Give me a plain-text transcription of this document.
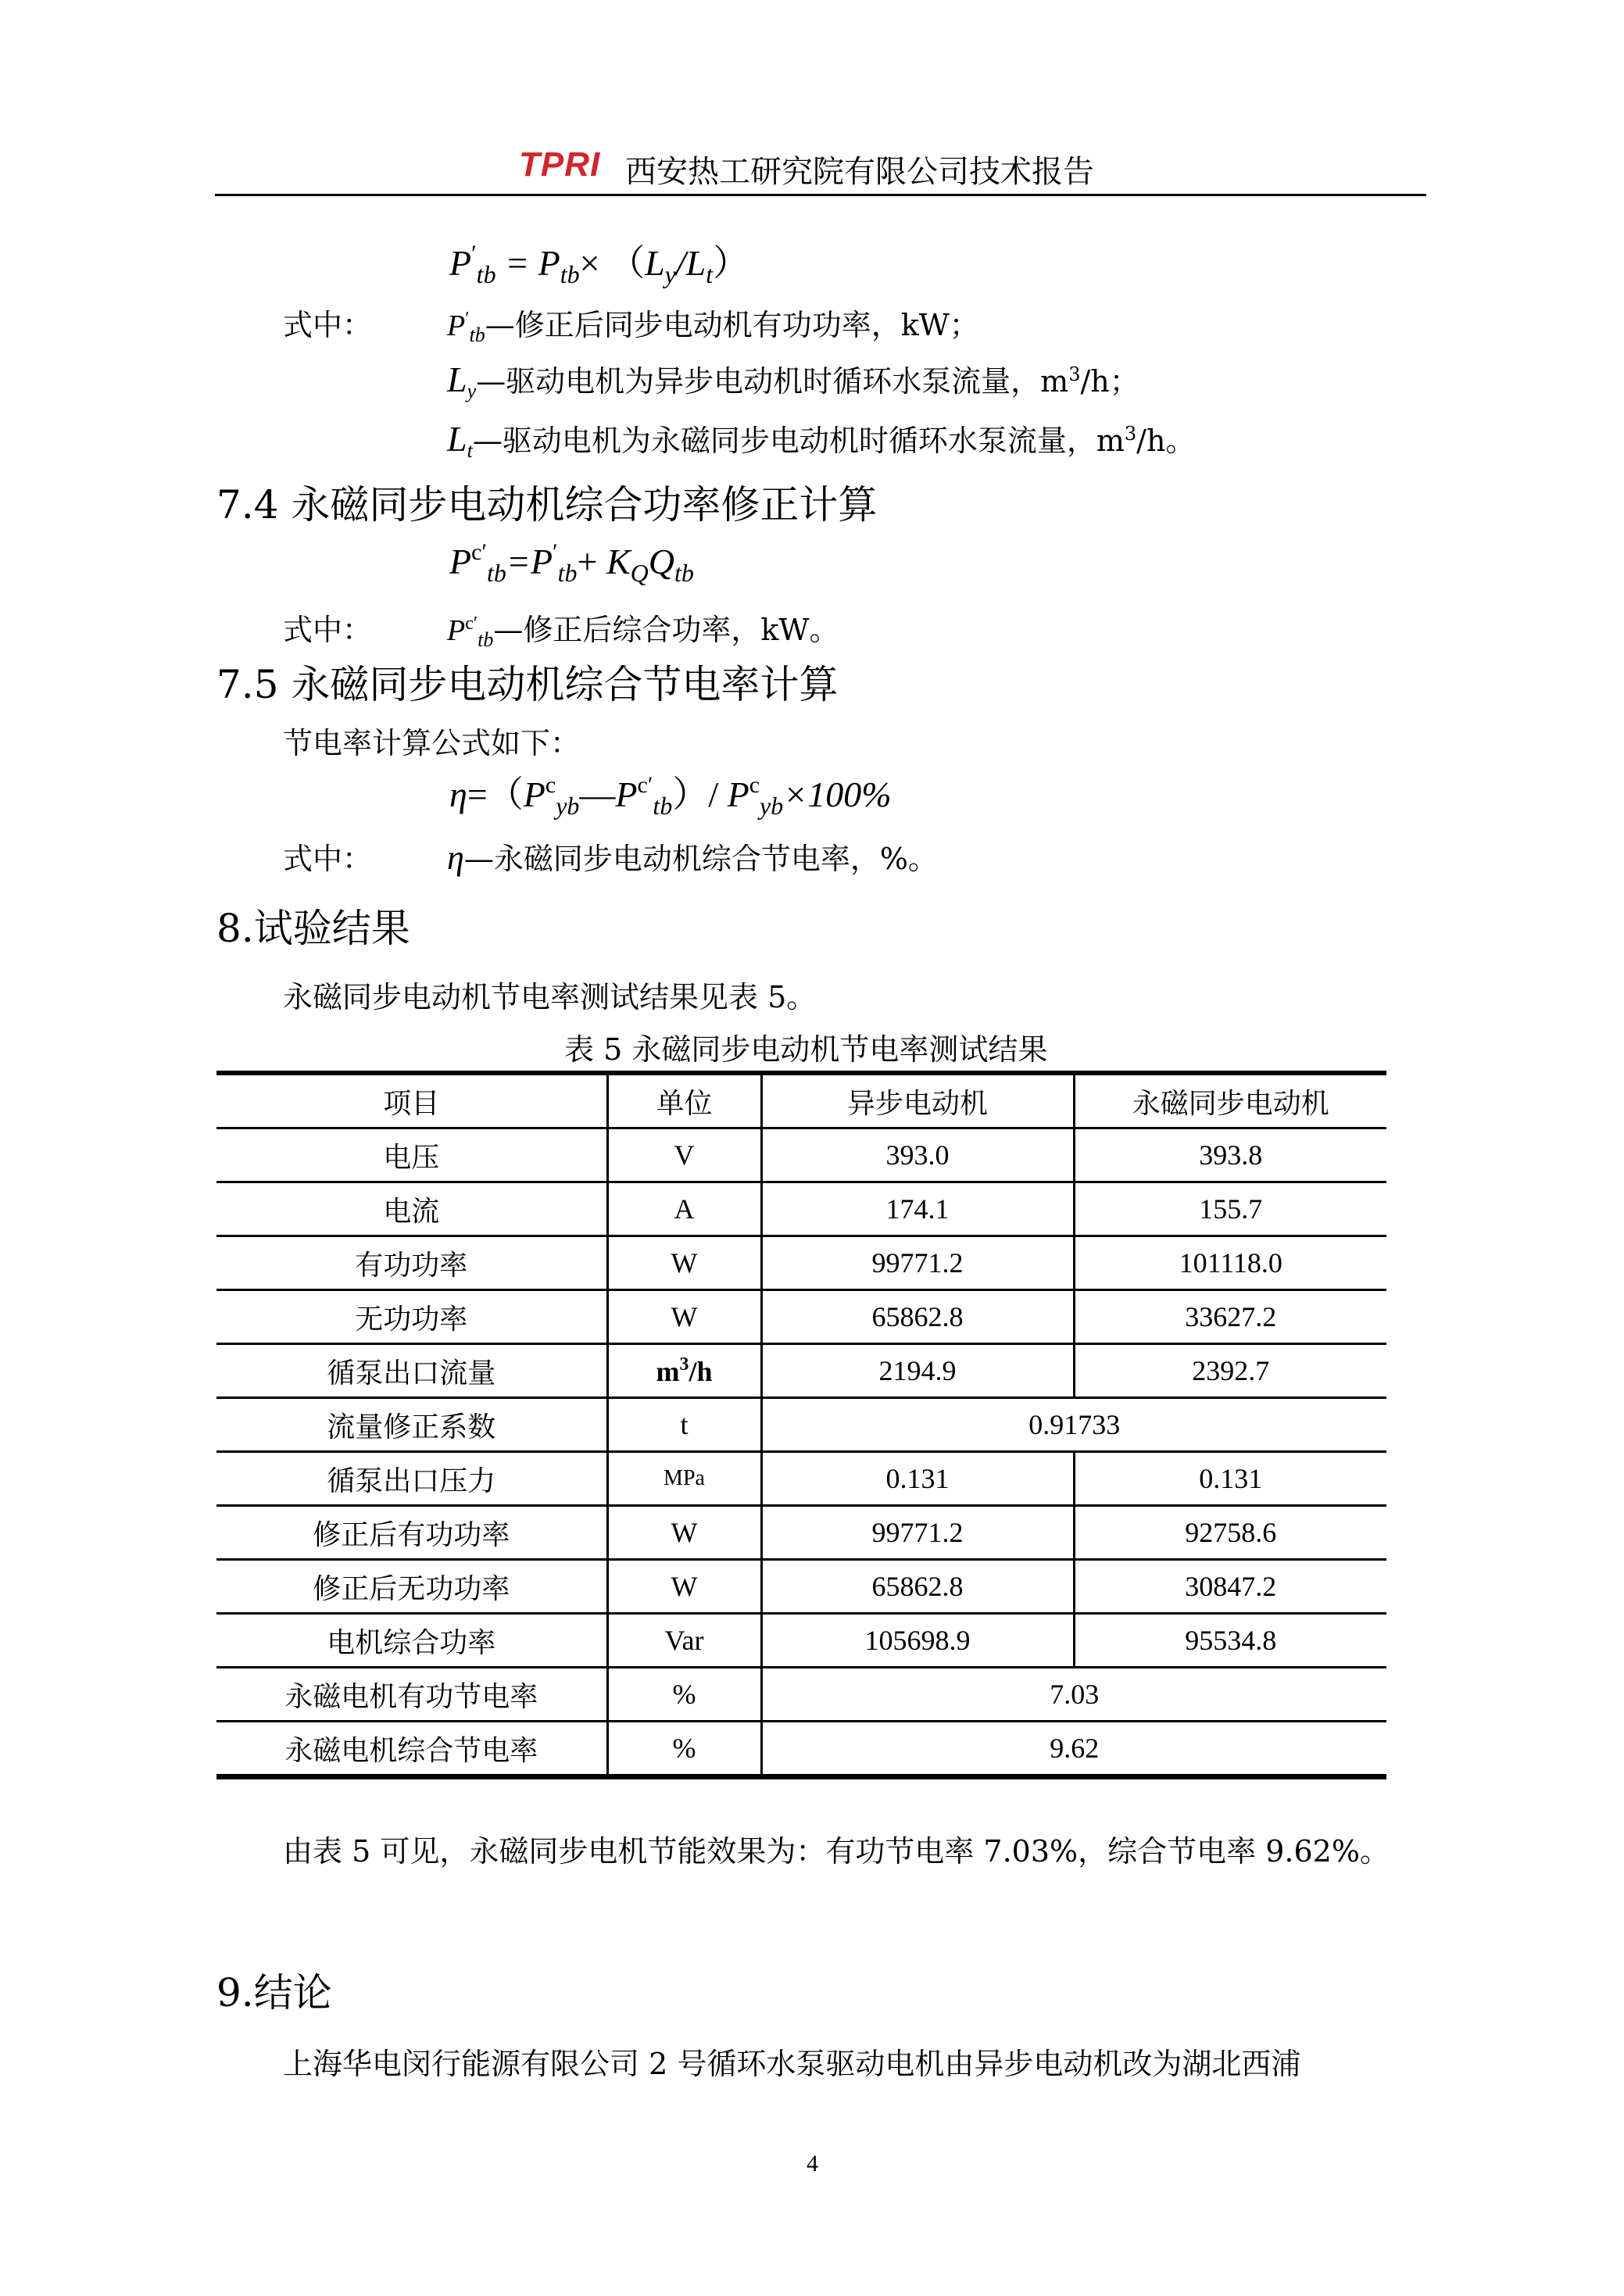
TPRI 西安热工研究院有限公司技术报告
$P'_{tb} = P_{tb}\times (L_y/L_t)$
式中：	$P'_{tb}—$修正后同步电动机有功功率，kW；
Ly—驱动电机为异步电动机时循环水泵流量，$m^3/h$；
Lt—驱动电机为永磁同步电动机时循环水泵流量，$m^3/h$。
7.4 永磁同步电动机综合功率修正计算
$P^{c'}_{tb}=P'_{tb}+ K_QQ_{tb}$
式中：	$P^{c'}_{tb}—$修正后综合功率，kW。
7.5 永磁同步电动机综合节电率计算
节电率计算公式如下：
$\eta=(P^c_{yb}—P^{c'}_{tb})/$ $P^c_{yb}\times 100\%$
式中： η—永磁同步电动机综合节电率，%。
8.试验结果
永磁同步电动机节电率测试结果见表 5。
表 5 永磁同步电动机节电率测试结果
项目	单位	异步电动机	永磁同步电动机
电压	V	393.0	393.8
电流	A	174.1	155.7
有功功率	W	99771.2	101118.0
无功功率	W	65862.8	33627.2
循泵出口流量	$m^3/h$	2194.9	2392.7
流量修正系数	t	0.91733	
循泵出口压力	MPa	0.131	0.131
修正后有功功率	W	99771.2	92758.6
修正后无功功率	W	65862.8	30847.2
电机综合功率	Var	105698.9	95534.8
永磁电机有功节电率	%	7.03	
永磁电机综合节电率	%	9.62	
由表 5 可见，永磁同步电机节能效果为：有功节电率 7.03%，综合节电率 9.62%。
9.结论
上海华电闵行能源有限公司 2 号循环水泵驱动电机由异步电动机改为湖北西浦
4
